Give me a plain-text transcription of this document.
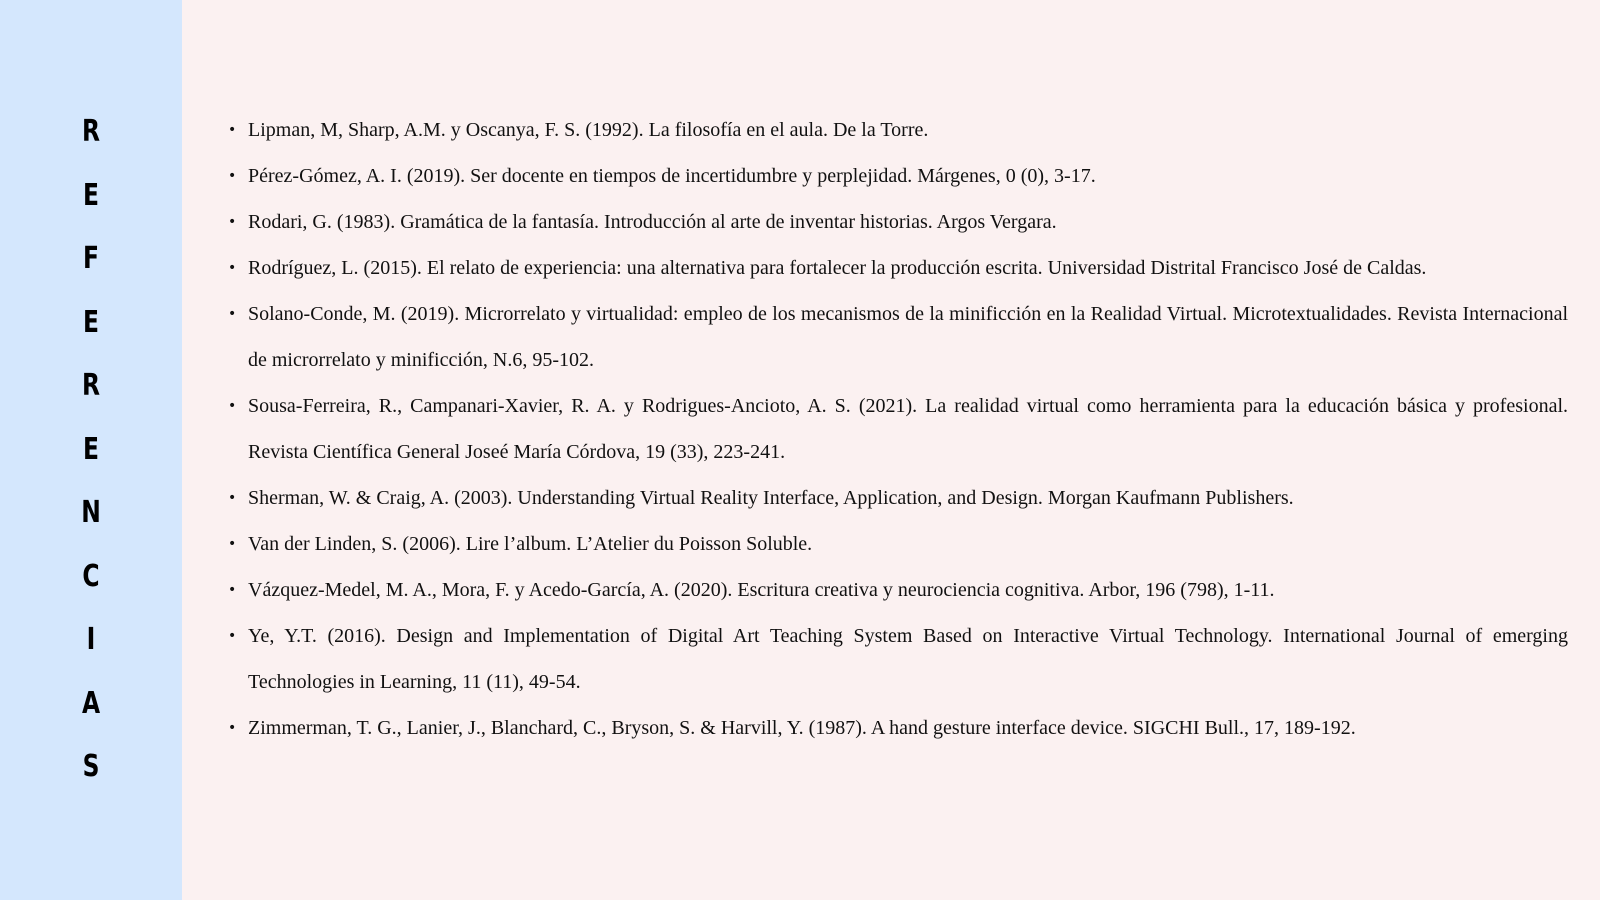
R
E
F
E
R
E
N
C
I
A
S
• Lipman, M, Sharp, A.M. y Oscanya, F. S. (1992). La filosofía en el aula. De la Torre.
• Pérez-Gómez, A. I. (2019). Ser docente en tiempos de incertidumbre y perplejidad. Márgenes, 0 (0), 3-17.
• Rodari, G. (1983). Gramática de la fantasía. Introducción al arte de inventar historias. Argos Vergara.
• Rodríguez, L. (2015). El relato de experiencia: una alternativa para fortalecer la producción escrita. Universidad Distrital Francisco José de Caldas.
• Solano-Conde, M. (2019). Microrrelato y virtualidad: empleo de los mecanismos de la minificción en la Realidad Virtual. Microtextualidades. Revista Internacional de microrrelato y minificción, N.6, 95-102.
• Sousa-Ferreira, R., Campanari-Xavier, R. A. y Rodrigues-Ancioto, A. S. (2021). La realidad virtual como herramienta para la educación básica y profesional. Revista Científica General Joseé María Córdova, 19 (33), 223-241.
• Sherman, W. & Craig, A. (2003). Understanding Virtual Reality Interface, Application, and Design. Morgan Kaufmann Publishers.
• Van der Linden, S. (2006). Lire l’album. L’Atelier du Poisson Soluble.
• Vázquez-Medel, M. A., Mora, F. y Acedo-García, A. (2020). Escritura creativa y neurociencia cognitiva. Arbor, 196 (798), 1-11.
• Ye, Y.T. (2016). Design and Implementation of Digital Art Teaching System Based on Interactive Virtual Technology. International Journal of emerging Technologies in Learning, 11 (11), 49-54.
• Zimmerman, T. G., Lanier, J., Blanchard, C., Bryson, S. & Harvill, Y. (1987). A hand gesture interface device. SIGCHI Bull., 17, 189-192.
